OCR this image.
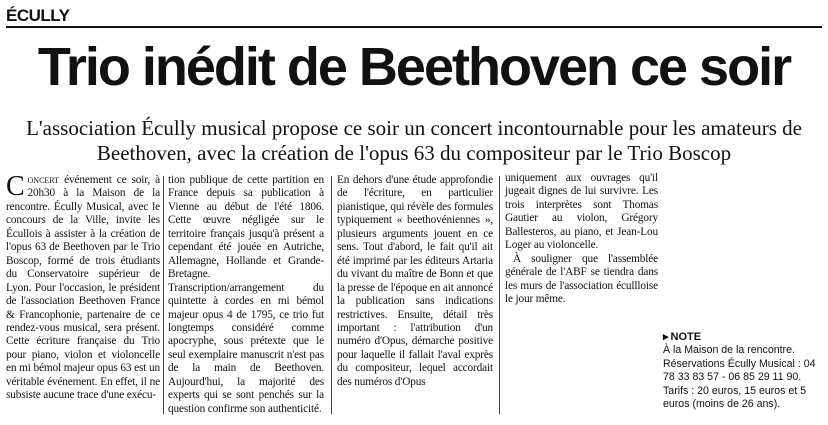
ÉCULLY
Trio inédit de Beethoven ce soir
L'association Écully musical propose ce soir un concert incontournable pour les amateurs de Beethoven, avec la création de l'opus 63 du compositeur par le Trio Boscop

Concert événement ce soir, à 20h30 à la Maison de la rencontre. Écully Musical, avec le concours de la Ville, invite les Écullois à assister à la création de l'opus 63 de Beethoven par le Trio Boscop, formé de trois étudiants du Conservatoire supérieur de Lyon. Pour l'occasion, le président de l'association Beethoven France & Francophonie, partenaire de ce rendez-vous musical, sera présent. Cette écriture française du Trio pour piano, violon et violoncelle en mi bémol majeur opus 63 est un véritable événement. En effet, il ne subsiste aucune trace d'une exécu-

tion publique de cette partition en France depuis sa publication à Vienne au début de l'été 1806. Cette œuvre négligée sur le territoire français jusqu'à présent a cependant été jouée en Autriche, Allemagne, Hollande et Grande-Bretagne. Transcription/arrangement du quintette à cordes en mi bémol majeur opus 4 de 1795, ce trio fut longtemps considéré comme apocryphe, sous prétexte que le seul exemplaire manuscrit n'est pas de la main de Beethoven. Aujourd'hui, la majorité des experts qui se sont penchés sur la question confirme son authenticité.

En dehors d'une étude approfondie de l'écriture, en particulier pianistique, qui révèle des formules typiquement « beethovéniennes », plusieurs arguments jouent en ce sens. Tout d'abord, le fait qu'il ait été imprimé par les éditeurs Artaria du vivant du maître de Bonn et que la presse de l'époque en ait annoncé la publication sans indications restrictives. Ensuite, détail très important : l'attribution d'un numéro d'Opus, démarche positive pour laquelle il fallait l'aval exprès du compositeur, lequel accordait des numéros d'Opus

uniquement aux ouvrages qu'il jugeait dignes de lui survivre. Les trois interprètes sont Thomas Gautier au violon, Grégory Ballesteros, au piano, et Jean-Lou Loger au violoncelle.

À souligner que l'assemblée générale de l'ABF se tiendra dans les murs de l'association écullloise le jour même.

▸ NOTE
À la Maison de la rencontre.
Réservations Écully Musical : 04 78 33 83 57 - 06 85 29 11 90.
Tarifs : 20 euros, 15 euros et 5 euros (moins de 26 ans).
